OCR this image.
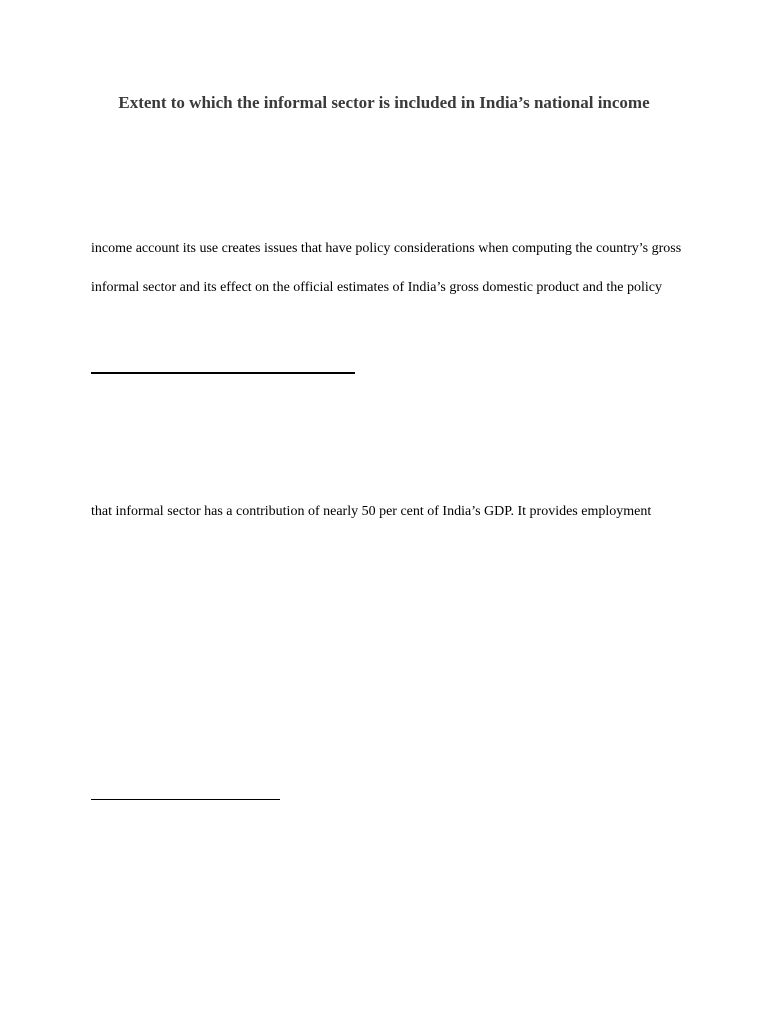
Extent to which the informal sector is included in India’s national income

income account its use creates issues that have policy considerations when computing the country’s gross

informal sector and its effect on the official estimates of India’s gross domestic product and the policy

that informal sector has a contribution of nearly 50 per cent of India’s GDP. It provides employment
